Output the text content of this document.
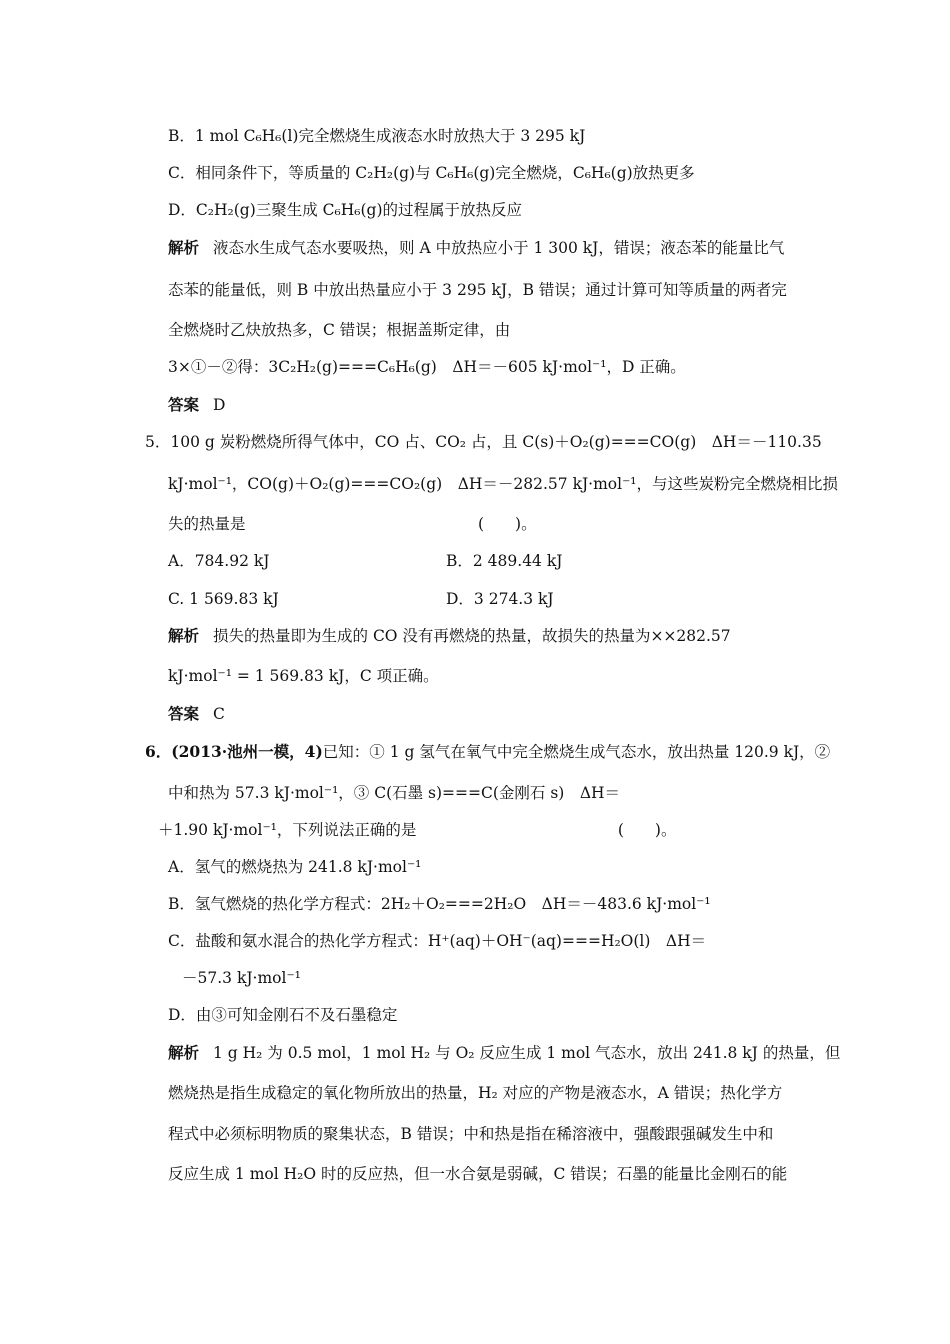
B．1 mol C₆H₆(l)完全燃烧生成液态水时放热大于 3 295 kJ
C．相同条件下，等质量的 C₂H₂(g)与 C₆H₆(g)完全燃烧，C₆H₆(g)放热更多
D．C₂H₂(g)三聚生成 C₆H₆(g)的过程属于放热反应
解析 液态水生成气态水要吸热，则 A 中放热应小于 1 300 kJ，错误；液态苯的能量比气
态苯的能量低，则 B 中放出热量应小于 3 295 kJ，B 错误；通过计算可知等质量的两者完
全燃烧时乙炔放热多，C 错误；根据盖斯定律，由
3×①－②得：3C₂H₂(g)===C₆H₆(g)　ΔH＝－605 kJ·mol⁻¹，D 正确。
答案 D
5．100 g 炭粉燃烧所得气体中，CO 占、CO₂ 占，且 C(s)＋O₂(g)===CO(g)　ΔH＝－110.35
kJ·mol⁻¹，CO(g)＋O₂(g)===CO₂(g)　ΔH＝－282.57 kJ·mol⁻¹，与这些炭粉完全燃烧相比损
失的热量是　　　　　　　　　　　　　　　(　　)。
A．784.92 kJ	B．2 489.44 kJ
C. 1 569.83 kJ	D．3 274.3 kJ
解析 损失的热量即为生成的 CO 没有再燃烧的热量，故损失的热量为××282.57
kJ·mol⁻¹ = 1 569.83 kJ，C 项正确。
答案 C
6．(2013·池州一模，4)已知：① 1 g 氢气在氧气中完全燃烧生成气态水，放出热量 120.9 kJ，②
中和热为 57.3 kJ·mol⁻¹，③ C(石墨 s)===C(金刚石 s)　ΔH＝
＋1.90 kJ·mol⁻¹，下列说法正确的是　　　　　　　　　　　　　(　　)。
A．氢气的燃烧热为 241.8 kJ·mol⁻¹
B．氢气燃烧的热化学方程式：2H₂＋O₂===2H₂O　ΔH＝－483.6 kJ·mol⁻¹
C．盐酸和氨水混合的热化学方程式：H⁺(aq)＋OH⁻(aq)===H₂O(l)　ΔH＝
－57.3 kJ·mol⁻¹
D．由③可知金刚石不及石墨稳定
解析 1 g H₂ 为 0.5 mol，1 mol H₂ 与 O₂ 反应生成 1 mol 气态水，放出 241.8 kJ 的热量，但
燃烧热是指生成稳定的氧化物所放出的热量，H₂ 对应的产物是液态水，A 错误；热化学方
程式中必须标明物质的聚集状态，B 错误；中和热是指在稀溶液中，强酸跟强碱发生中和
反应生成 1 mol H₂O 时的反应热，但一水合氨是弱碱，C 错误；石墨的能量比金刚石的能
